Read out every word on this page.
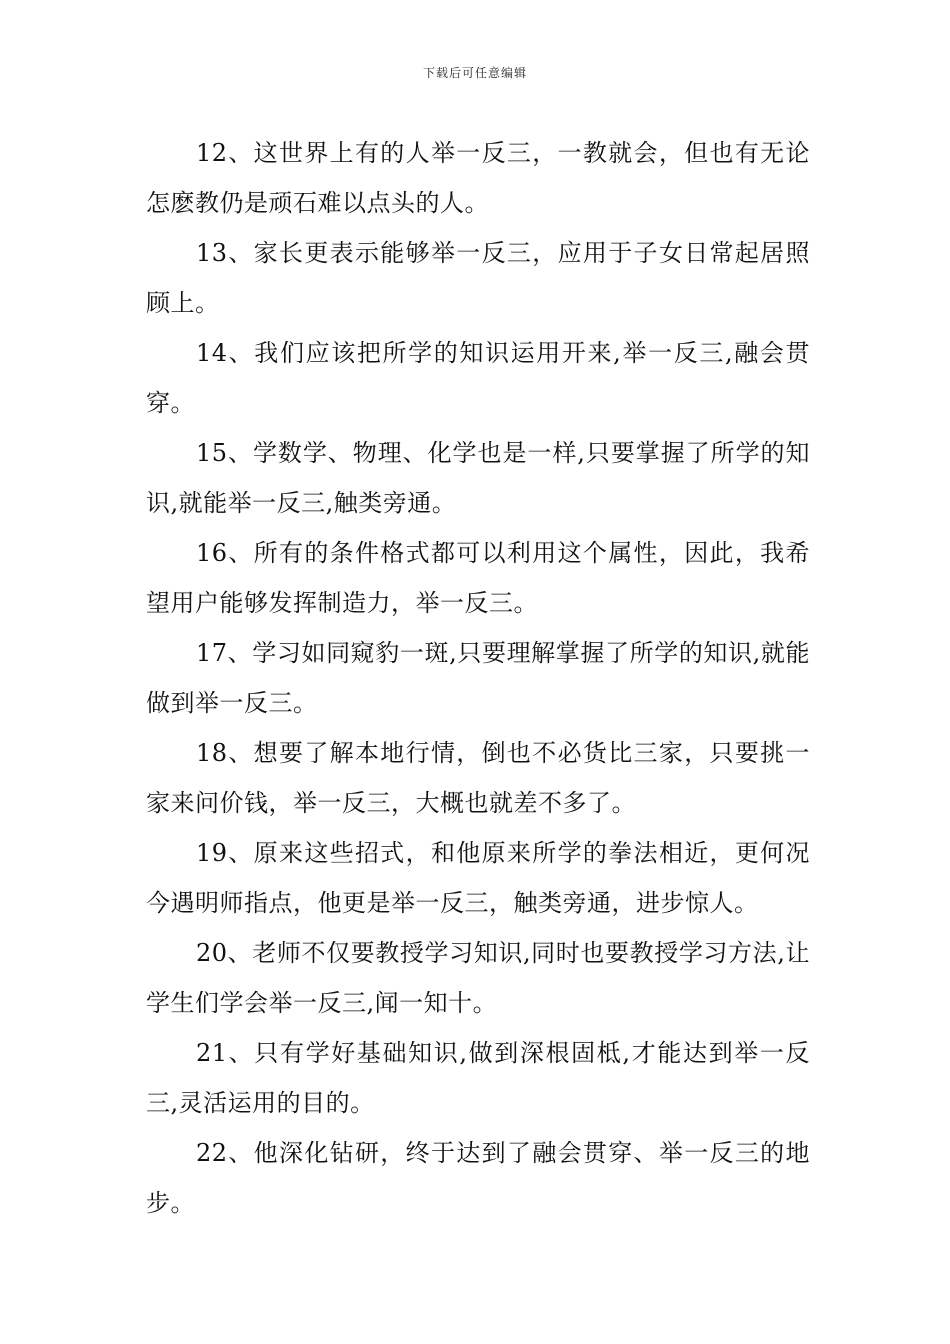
下载后可任意编辑

12、这世界上有的人举一反三，一教就会，但也有无论怎麽教仍是顽石难以点头的人。

13、家长更表示能够举一反三，应用于子女日常起居照顾上。

14、我们应该把所学的知识运用开来,举一反三,融会贯穿。

15、学数学、物理、化学也是一样,只要掌握了所学的知识,就能举一反三,触类旁通。

16、所有的条件格式都可以利用这个属性，因此，我希望用户能够发挥制造力，举一反三。

17、学习如同窥豹一斑,只要理解掌握了所学的知识,就能做到举一反三。

18、想要了解本地行情，倒也不必货比三家，只要挑一家来问价钱，举一反三，大概也就差不多了。

19、原来这些招式，和他原来所学的拳法相近，更何况今遇明师指点，他更是举一反三，触类旁通，进步惊人。

20、老师不仅要教授学习知识,同时也要教授学习方法,让学生们学会举一反三,闻一知十。

21、只有学好基础知识,做到深根固柢,才能达到举一反三,灵活运用的目的。

22、他深化钻研，终于达到了融会贯穿、举一反三的地步。
